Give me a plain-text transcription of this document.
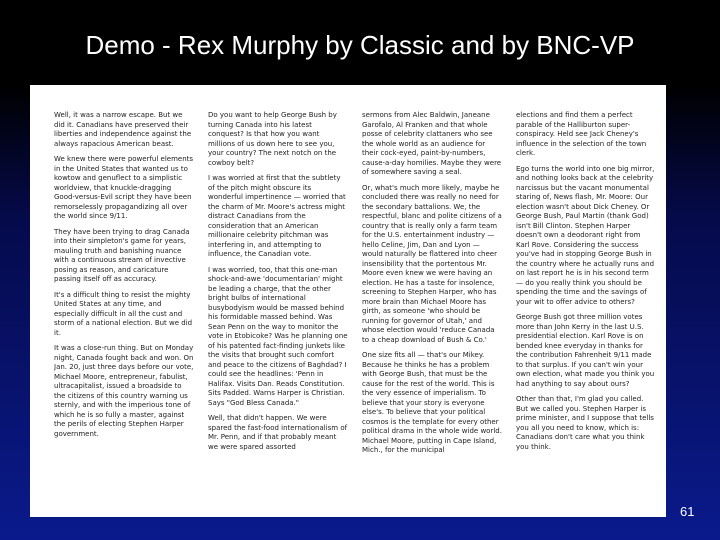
Demo - Rex Murphy by Classic and by BNC-VP

Well, it was a narrow escape. But we did it. Canadians have preserved their liberties and independence against the always rapacious American beast.

We knew there were powerful elements in the United States that wanted us to kowtow and genuflect to a simplistic worldview, that knuckle-dragging Good-versus-Evil script they have been remorselessly propagandizing all over the world since 9/11.

They have been trying to drag Canada into their simpleton's game for years, mauling truth and banishing nuance with a continuous stream of invective posing as reason, and caricature passing itself off as accuracy.

It's a difficult thing to resist the mighty United States at any time, and especially difficult in all the cust and storm of a national election. But we did it.

It was a close-run thing. But on Monday night, Canada fought back and won. On Jan. 20, just three days before our vote, Michael Moore, entrepreneur, fabulist, ultracapitalist, issued a broadside to the citizens of this country warning us sternly, and with the imperious tone of which he is so fully a master, against the perils of electing Stephen Harper government.

Do you want to help George Bush by turning Canada into his latest conquest? Is that how you want millions of us down here to see you, your country? The next notch on the cowboy belt?

I was worried at first that the subtlety of the pitch might obscure its wonderful impertinence — worried that the charm of Mr. Moore's actress might distract Canadians from the consideration that an American millionaire celebrity pitchman was interfering in, and attempting to influence, the Canadian vote.

I was worried, too, that this one-man shock-and-awe 'documentarian' might be leading a charge, that the other bright bulbs of international busybodyism would be massed behind his formidable massed behind. Was Sean Penn on the way to monitor the vote in Etobicoke? Was he planning one of his patented fact-finding junkets like the visits that brought such comfort and peace to the citizens of Baghdad? I could see the headlines: 'Penn in Halifax. Visits Dan. Reads Constitution. Sits Padded. Warns Harper is Christian. Says "God Bless Canada."

Well, that didn't happen. We were spared the fast-food internationalism of Mr. Penn, and if that probably meant we were spared assorted

sermons from Alec Baldwin, Janeane Garofalo, Al Franken and that whole posse of celebrity clattaners who see the whole world as an audience for their cock-eyed, paint-by-numbers, cause-a-day homilies. Maybe they were of somewhere saving a seal.

Or, what's much more likely, maybe he concluded there was really no need for the secondary battalions. We, the respectful, blanc and polite citizens of a country that is really only a farm team for the U.S. entertainment industry — hello Celine, Jim, Dan and Lyon — would naturally be flattered into cheer insensibility that the portentous Mr. Moore even knew we were having an election. He has a taste for insolence, screening to Stephen Harper, who has more brain than Michael Moore has girth, as someone 'who should be running for governor of Utah,' and whose election would 'reduce Canada to a cheap download of Bush & Co.'

One size fits all — that's our Mikey. Because he thinks he has a problem with George Bush, that must be the cause for the rest of the world. This is the very essence of imperialism. To believe that your story is everyone else's. To believe that your political cosmos is the template for every other political drama in the whole wide world. Michael Moore, putting in Cape Island, Mich., for the municipal

elections and find them a perfect parable of the Halliburton super-conspiracy. Held see Jack Cheney's influence in the selection of the town clerk.

Ego turns the world into one big mirror, and nothing looks back at the celebrity narcissus but the vacant monumental staring of, News flash, Mr. Moore: Our election wasn't about Dick Cheney. Or George Bush, Paul Martin (thank God) isn't Bill Clinton. Stephen Harper doesn't own a deodorant right from Karl Rove. Considering the success you've had in stopping George Bush in the country where he actually runs and on last report he is in his second term — do you really think you should be spending the time and the savings of your wit to offer advice to others?

George Bush got three million votes more than John Kerry in the last U.S. presidential election. Karl Rove is on bended knee everyday in thanks for the contribution Fahrenheit 9/11 made to that surplus. If you can't win your own election, what made you think you had anything to say about ours?

Other than that, I'm glad you called. But we called you. Stephen Harper is prime minister, and I suppose that tells you all you need to know, which is: Canadians don't care what you think you think.

61
